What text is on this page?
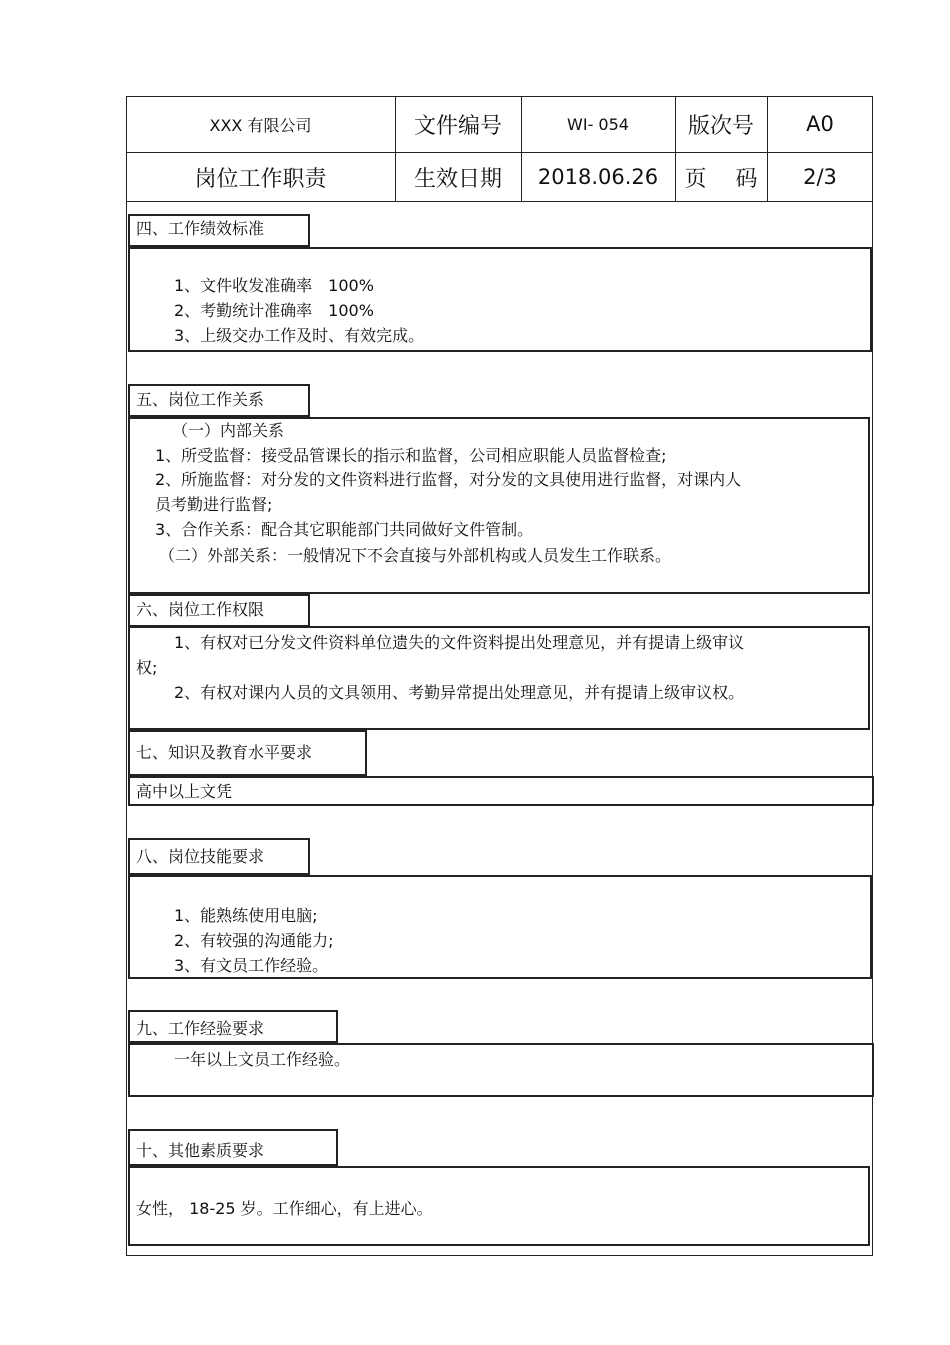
XXX 有限公司	文件编号	WI- 054	版次号	A0
岗位工作职责	生效日期	2018.06.26	页　 码	2/3
四、工作绩效标准
1、文件收发准确率　100%
2、考勤统计准确率　100%
3、上级交办工作及时、有效完成。
五、岗位工作关系
（一）内部关系
1、所受监督：接受品管课长的指示和监督，公司相应职能人员监督检查;
2、所施监督：对分发的文件资料进行监督，对分发的文具使用进行监督，对课内人
员考勤进行监督;
3、合作关系：配合其它职能部门共同做好文件管制。
（二）外部关系：一般情况下不会直接与外部机构或人员发生工作联系。
六、岗位工作权限
1、有权对已分发文件资料单位遗失的文件资料提出处理意见，并有提请上级审议
权;
2、有权对课内人员的文具领用、考勤异常提出处理意见，并有提请上级审议权。
七、知识及教育水平要求
高中以上文凭
八、岗位技能要求
1、能熟练使用电脑;
2、有较强的沟通能力;
3、有文员工作经验。
九、工作经验要求
一年以上文员工作经验。
十、其他素质要求
女性， 18-25 岁。工作细心，有上进心。
